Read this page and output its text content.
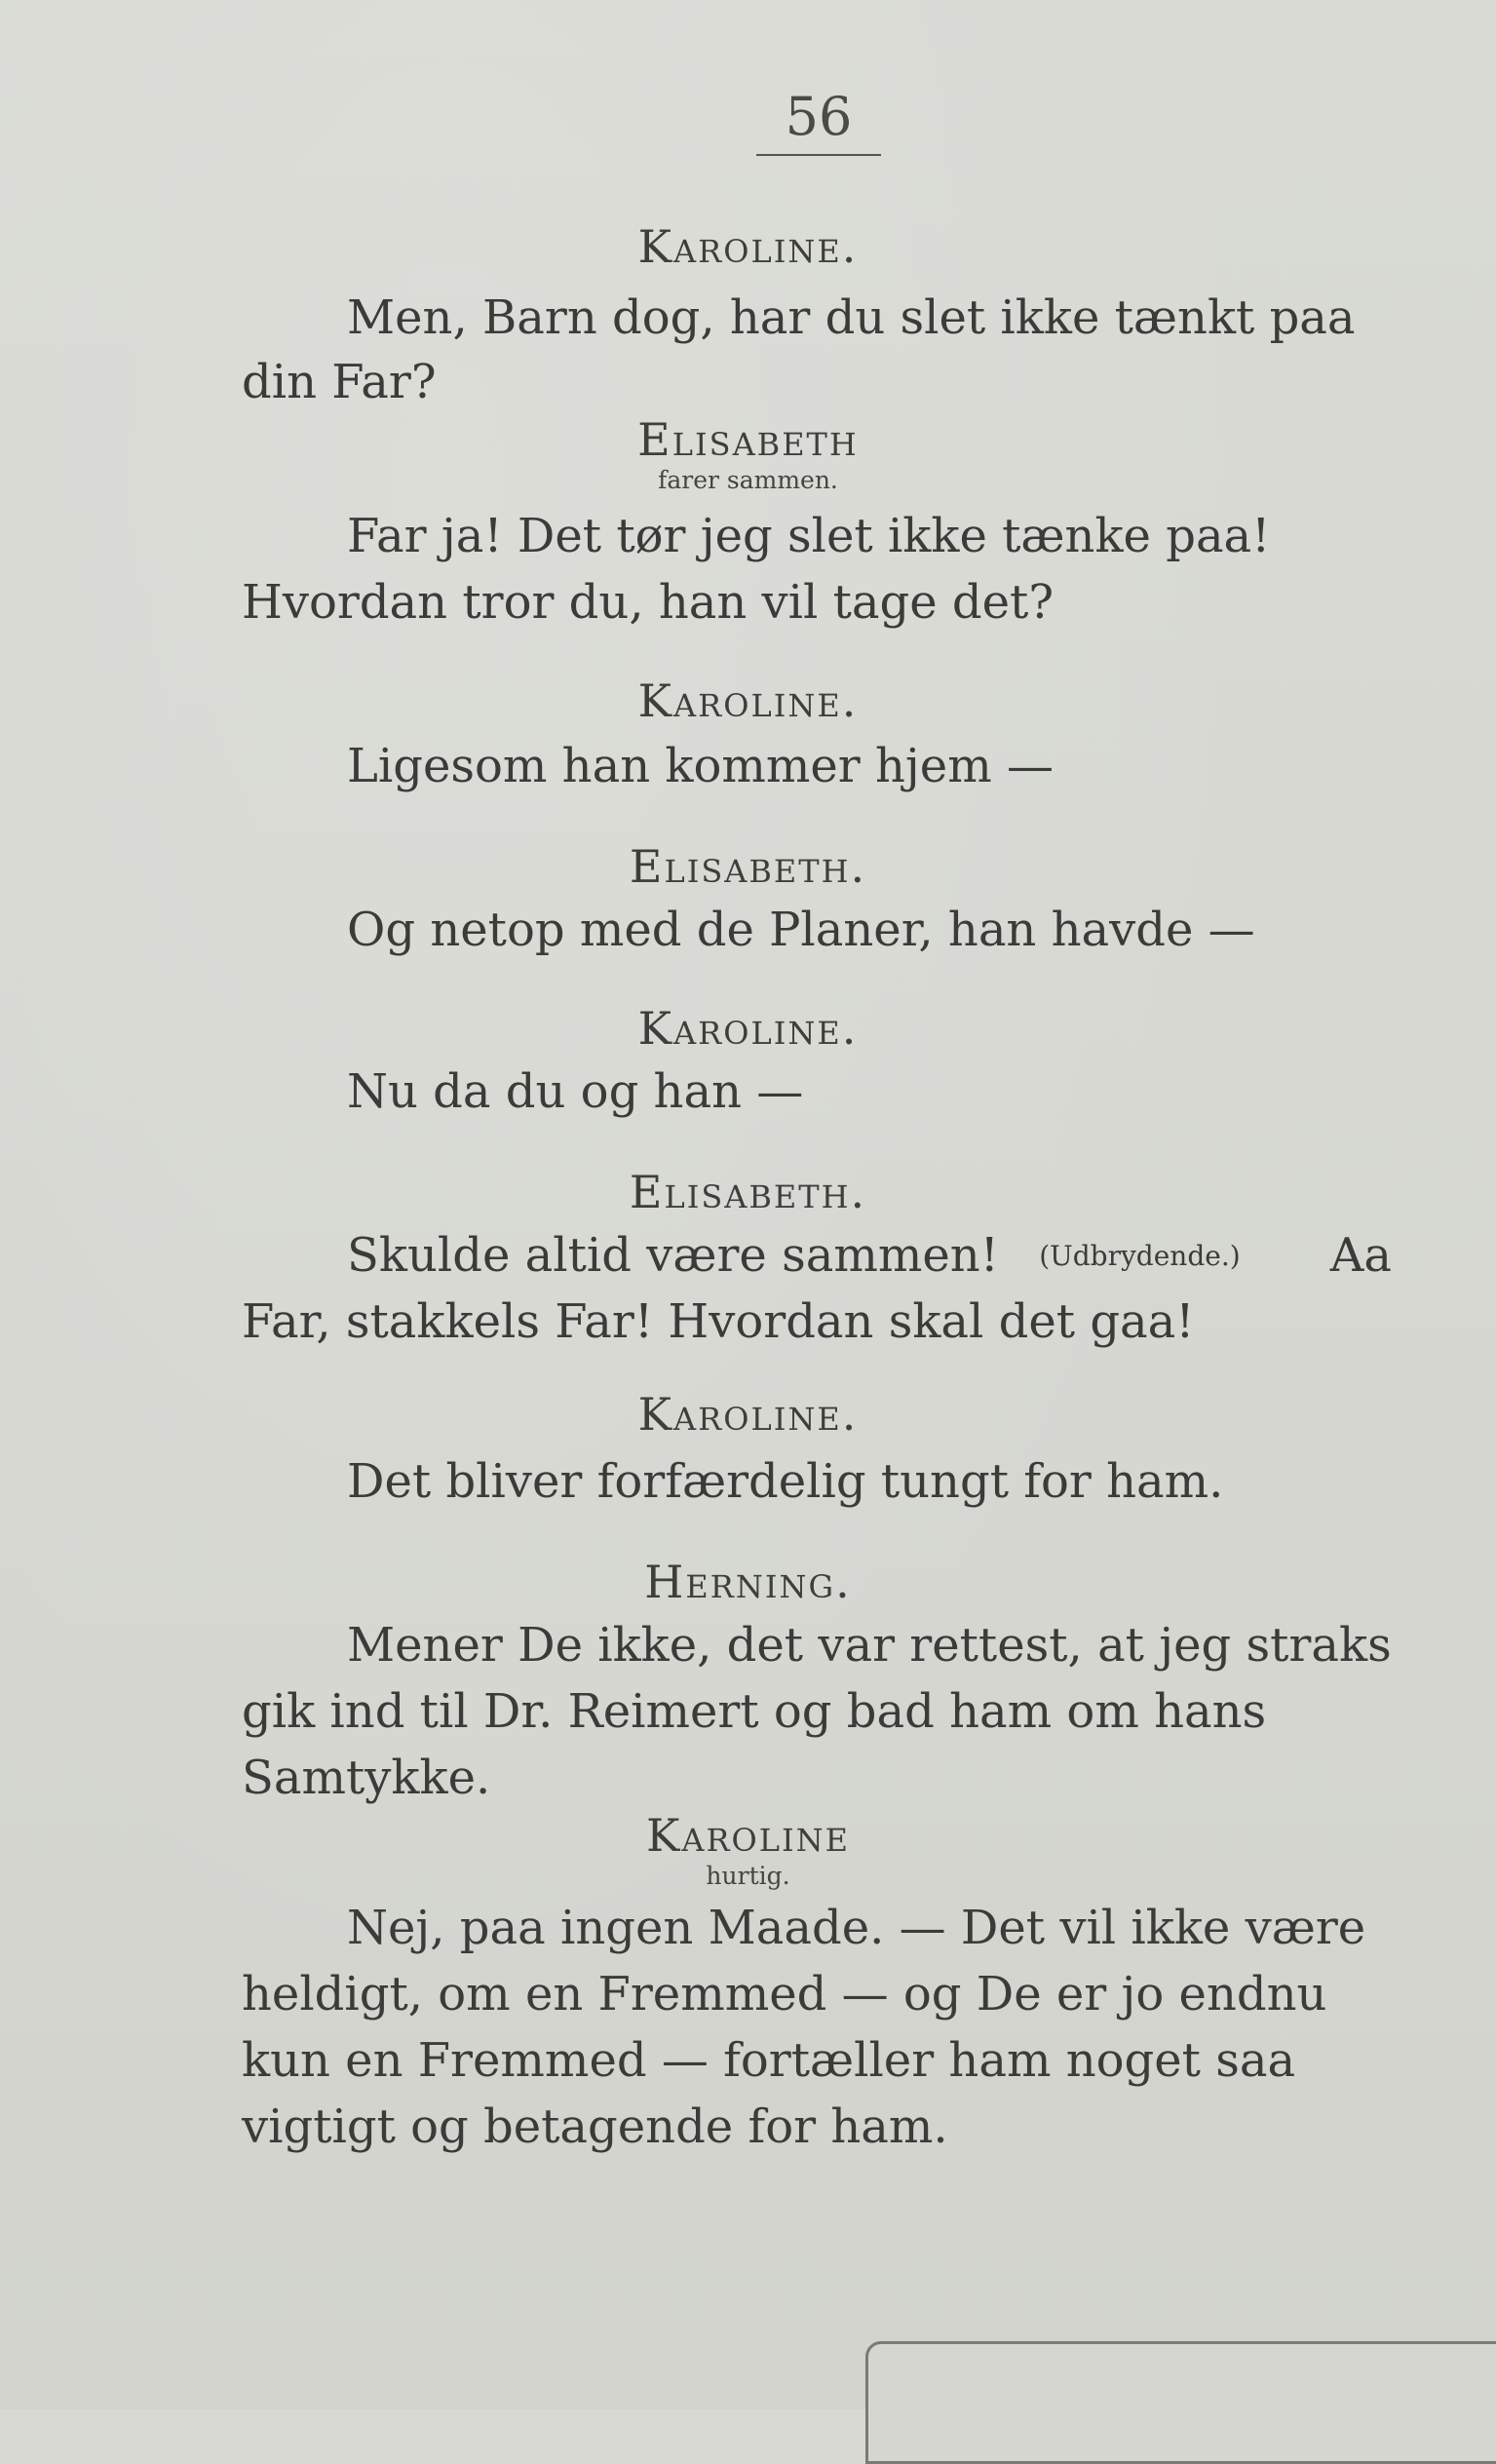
56
Karoline.
Men, Barn dog, har du slet ikke tænkt paa
din Far?
Elisabeth
farer sammen.
Far ja! Det tør jeg slet ikke tænke paa!
Hvordan tror du, han vil tage det?
Karoline.
Ligesom han kommer hjem —
Elisabeth.
Og netop med de Planer, han havde —
Karoline.
Nu da du og han —
Elisabeth.
Skulde altid være sammen! (Udbrydende.) Aa
Far, stakkels Far! Hvordan skal det gaa!
Karoline.
Det bliver forfærdelig tungt for ham.
Herning.
Mener De ikke, det var rettest, at jeg straks
gik ind til Dr. Reimert og bad ham om hans
Samtykke.
Karoline
hurtig.
Nej, paa ingen Maade. — Det vil ikke være
heldigt, om en Fremmed — og De er jo endnu
kun en Fremmed — fortæller ham noget saa
vigtigt og betagende for ham.
